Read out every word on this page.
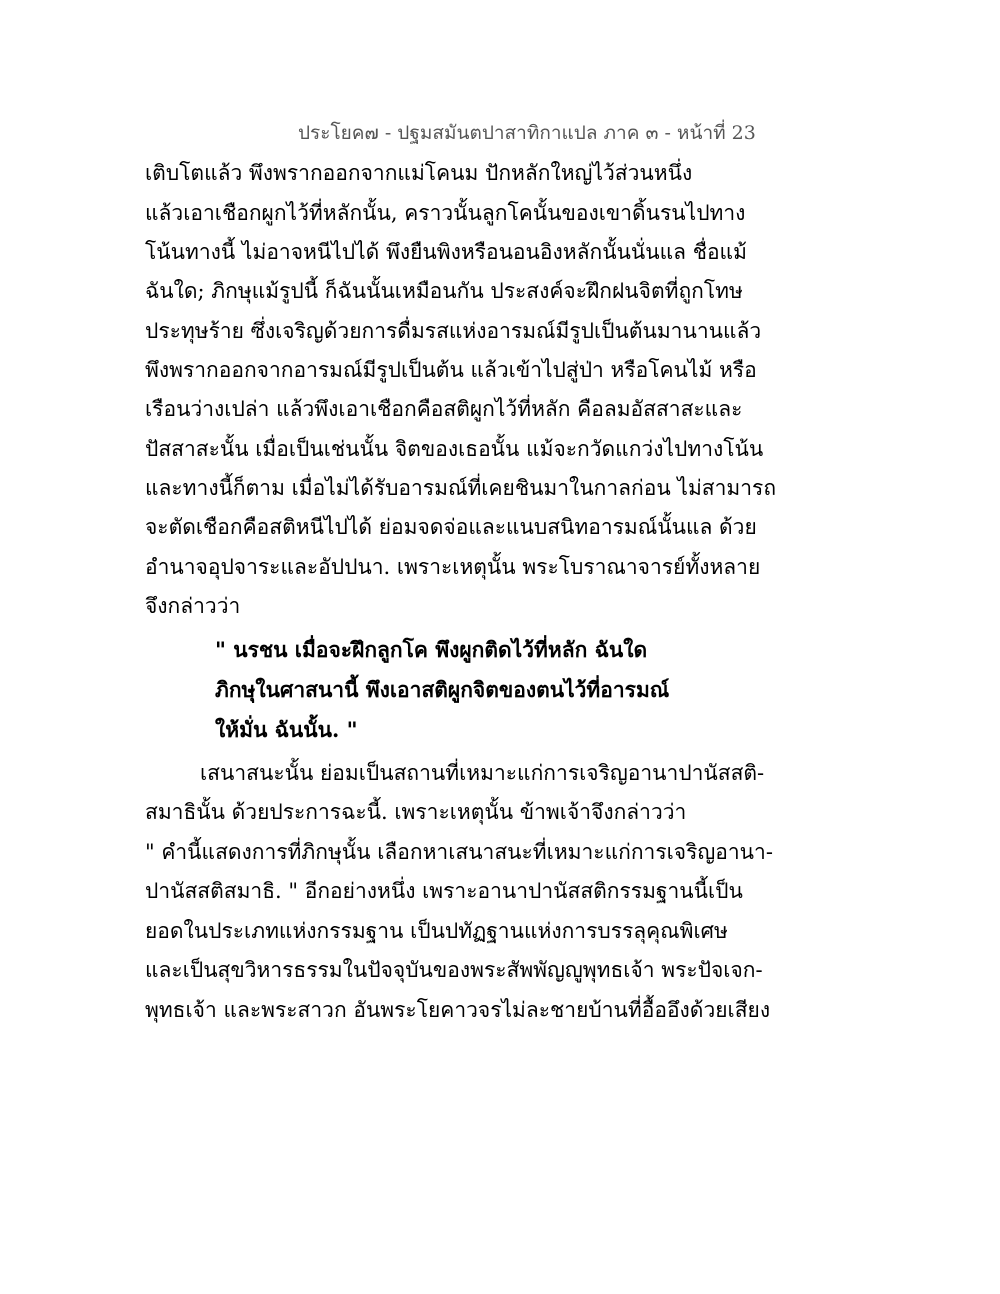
ประโยค๗ - ปฐมสมันตปาสาทิกาแปล ภาค ๓ - หน้าที่ 23
เติบโตแล้ว พึงพรากออกจากแม่โคนม ปักหลักใหญ่ไว้ส่วนหนึ่ง
แล้วเอาเชือกผูกไว้ที่หลักนั้น, คราวนั้นลูกโคนั้นของเขาดิ้นรนไปทาง
โน้นทางนี้ ไม่อาจหนีไปได้ พึงยืนพิงหรือนอนอิงหลักนั้นนั่นแล ชื่อแม้
ฉันใด; ภิกษุแม้รูปนี้ ก็ฉันนั้นเหมือนกัน ประสงค์จะฝึกฝนจิตที่ถูกโทษ
ประทุษร้าย ซึ่งเจริญด้วยการดื่มรสแห่งอารมณ์มีรูปเป็นต้นมานานแล้ว
พึงพรากออกจากอารมณ์มีรูปเป็นต้น แล้วเข้าไปสู่ป่า หรือโคนไม้ หรือ
เรือนว่างเปล่า แล้วพึงเอาเชือกคือสติผูกไว้ที่หลัก คือลมอัสสาสะและ
ปัสสาสะนั้น เมื่อเป็นเช่นนั้น จิตของเธอนั้น แม้จะกวัดแกว่งไปทางโน้น
และทางนี้ก็ตาม เมื่อไม่ได้รับอารมณ์ที่เคยชินมาในกาลก่อน ไม่สามารถ
จะตัดเชือกคือสติหนีไปได้ ย่อมจดจ่อและแนบสนิทอารมณ์นั้นแล ด้วย
อำนาจอุปจาระและอัปปนา. เพราะเหตุนั้น พระโบราณาจารย์ทั้งหลาย
จึงกล่าวว่า
" นรชน เมื่อจะฝึกลูกโค พึงผูกติดไว้ที่หลัก ฉันใด
ภิกษุในศาสนานี้ พึงเอาสติผูกจิตของตนไว้ที่อารมณ์
ให้มั่น ฉันนั้น. "
เสนาสนะนั้น ย่อมเป็นสถานที่เหมาะแก่การเจริญอานาปานัสสติ-
สมาธินั้น ด้วยประการฉะนี้. เพราะเหตุนั้น ข้าพเจ้าจึงกล่าวว่า
" คำนี้แสดงการที่ภิกษุนั้น เลือกหาเสนาสนะที่เหมาะแก่การเจริญอานา-
ปานัสสติสมาธิ. " อีกอย่างหนึ่ง เพราะอานาปานัสสติกรรมฐานนี้เป็น
ยอดในประเภทแห่งกรรมฐาน เป็นปทัฏฐานแห่งการบรรลุคุณพิเศษ
และเป็นสุขวิหารธรรมในปัจจุบันของพระสัพพัญญูพุทธเจ้า พระปัจเจก-
พุทธเจ้า และพระสาวก อันพระโยคาวจรไม่ละชายบ้านที่อื้ออึงด้วยเสียง
